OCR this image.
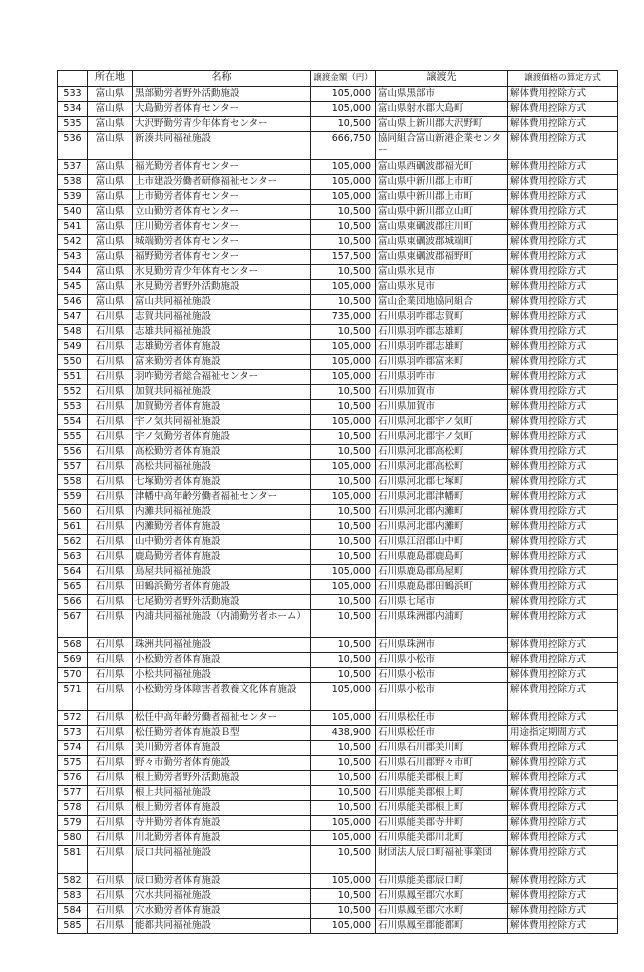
	所在地	名称	譲渡金額（円）	譲渡先	譲渡価格の算定方式
533	富山県	黒部勤労者野外活動施設	105,000	富山県黒部市	解体費用控除方式
534	富山県	大島勤労者体育センター	105,000	富山県射水郡大島町	解体費用控除方式
535	富山県	大沢野勤労青少年体育センター	10,500	富山県上新川郡大沢野町	解体費用控除方式
536	富山県	新湊共同福祉施設	666,750	協同組合富山新港企業センター	解体費用控除方式
537	富山県	福光勤労者体育センター	105,000	富山県西礪波郡福光町	解体費用控除方式
538	富山県	上市建設労働者研修福祉センター	105,000	富山県中新川郡上市町	解体費用控除方式
539	富山県	上市勤労者体育センター	105,000	富山県中新川郡上市町	解体費用控除方式
540	富山県	立山勤労者体育センター	10,500	富山県中新川郡立山町	解体費用控除方式
541	富山県	庄川勤労者体育センター	10,500	富山県東礪波郡庄川町	解体費用控除方式
542	富山県	城端勤労者体育センター	10,500	富山県東礪波郡城端町	解体費用控除方式
543	富山県	福野勤労者体育センター	157,500	富山県東礪波郡福野町	解体費用控除方式
544	富山県	氷見勤労青少年体育センター	10,500	富山県氷見市	解体費用控除方式
545	富山県	氷見勤労者野外活動施設	105,000	富山県氷見市	解体費用控除方式
546	富山県	富山共同福祉施設	10,500	富山企業団地協同組合	解体費用控除方式
547	石川県	志賀共同福祉施設	735,000	石川県羽咋郡志賀町	解体費用控除方式
548	石川県	志雄共同福祉施設	10,500	石川県羽咋郡志雄町	解体費用控除方式
549	石川県	志雄勤労者体育施設	105,000	石川県羽咋郡志雄町	解体費用控除方式
550	石川県	富来勤労者体育施設	105,000	石川県羽咋郡富来町	解体費用控除方式
551	石川県	羽咋勤労者総合福祉センター	105,000	石川県羽咋市	解体費用控除方式
552	石川県	加賀共同福祉施設	10,500	石川県加賀市	解体費用控除方式
553	石川県	加賀勤労者体育施設	10,500	石川県加賀市	解体費用控除方式
554	石川県	宇ノ気共同福祉施設	105,000	石川県河北郡宇ノ気町	解体費用控除方式
555	石川県	宇ノ気勤労者体育施設	10,500	石川県河北郡宇ノ気町	解体費用控除方式
556	石川県	高松勤労者体育施設	10,500	石川県河北郡高松町	解体費用控除方式
557	石川県	高松共同福祉施設	105,000	石川県河北郡高松町	解体費用控除方式
558	石川県	七塚勤労者体育施設	10,500	石川県河北郡七塚町	解体費用控除方式
559	石川県	津幡中高年齢労働者福祉センター	105,000	石川県河北郡津幡町	解体費用控除方式
560	石川県	内灘共同福祉施設	10,500	石川県河北郡内灘町	解体費用控除方式
561	石川県	内灘勤労者体育施設	10,500	石川県河北郡内灘町	解体費用控除方式
562	石川県	山中勤労者体育施設	10,500	石川県江沼郡山中町	解体費用控除方式
563	石川県	鹿島勤労者体育施設	10,500	石川県鹿島郡鹿島町	解体費用控除方式
564	石川県	鳥屋共同福祉施設	105,000	石川県鹿島郡鳥屋町	解体費用控除方式
565	石川県	田鶴浜勤労者体育施設	105,000	石川県鹿島郡田鶴浜町	解体費用控除方式
566	石川県	七尾勤労者野外活動施設	10,500	石川県七尾市	解体費用控除方式
567	石川県	内浦共同福祉施設（内浦勤労者ホーム）	10,500	石川県珠洲郡内浦町	解体費用控除方式
568	石川県	珠洲共同福祉施設	10,500	石川県珠洲市	解体費用控除方式
569	石川県	小松勤労者体育施設	10,500	石川県小松市	解体費用控除方式
570	石川県	小松共同福祉施設	10,500	石川県小松市	解体費用控除方式
571	石川県	小松勤労身体障害者教養文化体育施設	105,000	石川県小松市	解体費用控除方式
572	石川県	松任中高年齢労働者福祉センター	105,000	石川県松任市	解体費用控除方式
573	石川県	松任勤労者体育施設Ｂ型	438,900	石川県松任市	用途指定期間方式
574	石川県	美川勤労者体育施設	10,500	石川県石川郡美川町	解体費用控除方式
575	石川県	野々市勤労者体育施設	10,500	石川県石川郡野々市町	解体費用控除方式
576	石川県	根上勤労者野外活動施設	10,500	石川県能美郡根上町	解体費用控除方式
577	石川県	根上共同福祉施設	10,500	石川県能美郡根上町	解体費用控除方式
578	石川県	根上勤労者体育施設	10,500	石川県能美郡根上町	解体費用控除方式
579	石川県	寺井勤労者体育施設	105,000	石川県能美郡寺井町	解体費用控除方式
580	石川県	川北勤労者体育施設	105,000	石川県能美郡川北町	解体費用控除方式
581	石川県	辰口共同福祉施設	10,500	財団法人辰口町福祉事業団	解体費用控除方式
582	石川県	辰口勤労者体育施設	105,000	石川県能美郡辰口町	解体費用控除方式
583	石川県	穴水共同福祉施設	10,500	石川県鳳至郡穴水町	解体費用控除方式
584	石川県	穴水勤労者体育施設	10,500	石川県鳳至郡穴水町	解体費用控除方式
585	石川県	能都共同福祉施設	105,000	石川県鳳至郡能都町	解体費用控除方式
